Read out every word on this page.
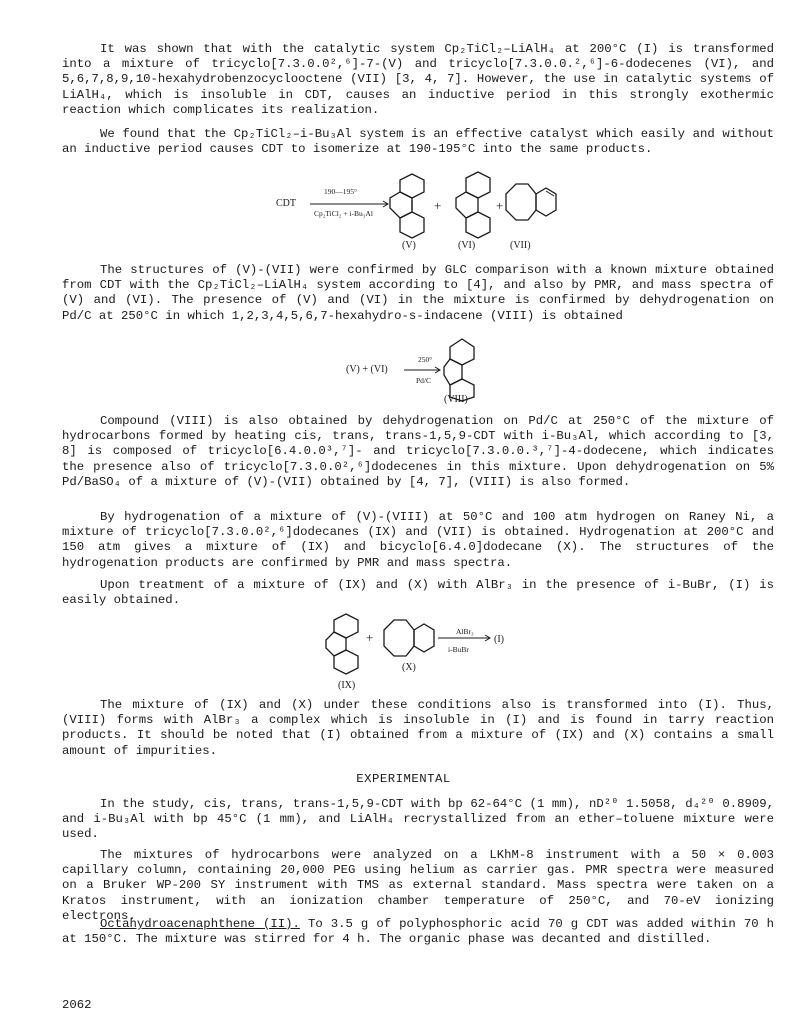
It was shown that with the catalytic system Cp₂TiCl₂–LiAlH₄ at 200°C (I) is transformed into a mixture of tricyclo[7.3.0.0²,⁶]-7-(V) and tricyclo[7.3.0.0.²,⁶]-6-dodecenes (VI), and 5,6,7,8,9,10-hexahydrobenzocyclooctene (VII) [3, 4, 7]. However, the use in catalytic systems of LiAlH₄, which is insoluble in CDT, causes an inductive period in this strongly exothermic reaction which complicates its realization.

We found that the Cp₂TiCl₂–i-Bu₃Al system is an effective catalyst which easily and without an inductive period causes CDT to isomerize at 190-195°C into the same products.

CDT
190—195°
Cp₂TiCl₂ + i-Bu₃Al
+	+
(V)	(VI)	(VII)

The structures of (V)-(VII) were confirmed by GLC comparison with a known mixture obtained from CDT with the Cp₂TiCl₂–LiAlH₄ system according to [4], and also by PMR, and mass spectra of (V) and (VI). The presence of (V) and (VI) in the mixture is confirmed by dehydrogenation on Pd/C at 250°C in which 1,2,3,4,5,6,7-hexahydro-s-indacene (VIII) is obtained

(V) + (VI)
250°
Pd/C
(VIII)

Compound (VIII) is also obtained by dehydrogenation on Pd/C at 250°C of the mixture of hydrocarbons formed by heating cis, trans, trans-1,5,9-CDT with i-Bu₃Al, which according to [3, 8] is composed of tricyclo[6.4.0.0³,⁷]- and tricyclo[7.3.0.0.³,⁷]-4-dodecene, which indicates the presence also of tricyclo[7.3.0.0²,⁶]dodecenes in this mixture. Upon dehydrogenation on 5% Pd/BaSO₄ of a mixture of (V)-(VII) obtained by [4, 7], (VIII) is also formed.

By hydrogenation of a mixture of (V)-(VIII) at 50°C and 100 atm hydrogen on Raney Ni, a mixture of tricyclo[7.3.0.0²,⁶]dodecanes (IX) and (VII) is obtained. Hydrogenation at 200°C and 150 atm gives a mixture of (IX) and bicyclo[6.4.0]dodecane (X). The structures of the hydrogenation products are confirmed by PMR and mass spectra.

Upon treatment of a mixture of (IX) and (X) with AlBr₃ in the presence of i-BuBr, (I) is easily obtained.

+	AlBr₃
i-BuBr
(I)
(IX)
(X)

The mixture of (IX) and (X) under these conditions also is transformed into (I). Thus, (VIII) forms with AlBr₃ a complex which is insoluble in (I) and is found in tarry reaction products. It should be noted that (I) obtained from a mixture of (IX) and (X) contains a small amount of impurities.

EXPERIMENTAL

In the study, cis, trans, trans-1,5,9-CDT with bp 62-64°C (1 mm), nD²⁰ 1.5058, d₄²⁰ 0.8909, and i-Bu₃Al with bp 45°C (1 mm), and LiAlH₄ recrystallized from an ether–toluene mixture were used.

The mixtures of hydrocarbons were analyzed on a LKhM-8 instrument with a 50 × 0.003 capillary column, containing 20,000 PEG using helium as carrier gas. PMR spectra were measured on a Bruker WP-200 SY instrument with TMS as external standard. Mass spectra were taken on a Kratos instrument, with an ionization chamber temperature of 250°C, and 70-eV ionizing electrons.

Octahydroacenaphthene (II). To 3.5 g of polyphosphoric acid 70 g CDT was added within 70 h at 150°C. The mixture was stirred for 4 h. The organic phase was decanted and distilled.

2062
